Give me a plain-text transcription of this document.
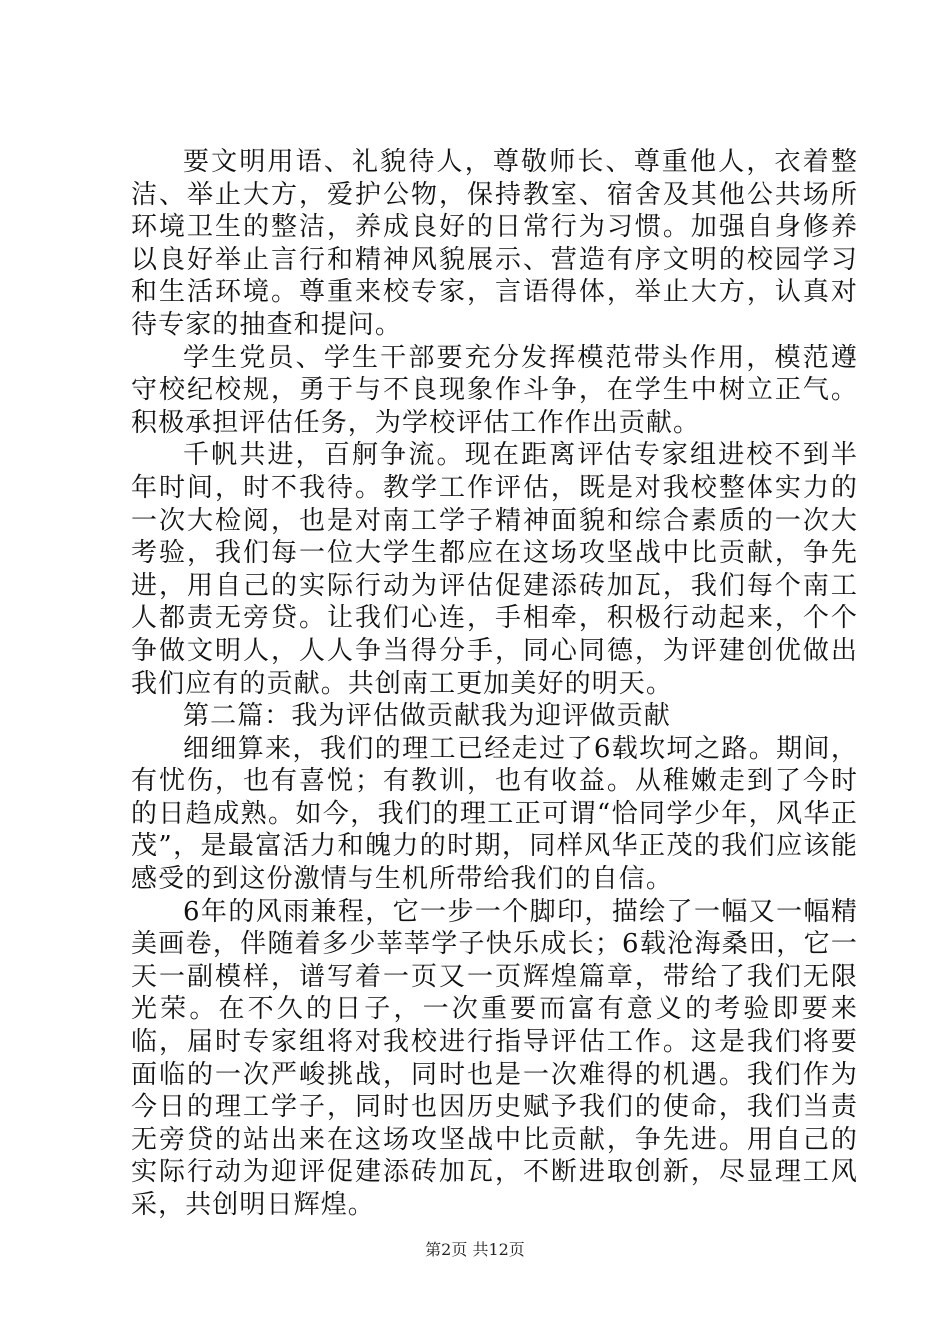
要文明用语、礼貌待人，尊敬师长、尊重他人，衣着整洁、举止大方，爱护公物，保持教室、宿舍及其他公共场所环境卫生的整洁，养成良好的日常行为习惯。加强自身修养以良好举止言行和精神风貌展示、营造有序文明的校园学习和生活环境。尊重来校专家，言语得体，举止大方，认真对待专家的抽查和提问。

学生党员、学生干部要充分发挥模范带头作用，模范遵守校纪校规，勇于与不良现象作斗争，在学生中树立正气。积极承担评估任务，为学校评估工作作出贡献。

千帆共进，百舸争流。现在距离评估专家组进校不到半年时间，时不我待。教学工作评估，既是对我校整体实力的一次大检阅，也是对南工学子精神面貌和综合素质的一次大考验，我们每一位大学生都应在这场攻坚战中比贡献，争先进，用自己的实际行动为评估促建添砖加瓦，我们每个南工人都责无旁贷。让我们心连，手相牵，积极行动起来，个个争做文明人，人人争当得分手，同心同德，为评建创优做出我们应有的贡献。共创南工更加美好的明天。

第二篇：我为评估做贡献我为迎评做贡献

细细算来，我们的理工已经走过了6载坎坷之路。期间，有忧伤，也有喜悦；有教训，也有收益。从稚嫩走到了今时的日趋成熟。如今，我们的理工正可谓“恰同学少年，风华正茂”，是最富活力和魄力的时期，同样风华正茂的我们应该能感受的到这份激情与生机所带给我们的自信。

6年的风雨兼程，它一步一个脚印，描绘了一幅又一幅精美画卷，伴随着多少莘莘学子快乐成长；6载沧海桑田，它一天一副模样，谱写着一页又一页辉煌篇章，带给了我们无限光荣。在不久的日子，一次重要而富有意义的考验即要来临，届时专家组将对我校进行指导评估工作。这是我们将要面临的一次严峻挑战，同时也是一次难得的机遇。我们作为今日的理工学子，同时也因历史赋予我们的使命，我们当责无旁贷的站出来在这场攻坚战中比贡献，争先进。用自己的实际行动为迎评促建添砖加瓦，不断进取创新，尽显理工风采，共创明日辉煌。

第2页 共12页
